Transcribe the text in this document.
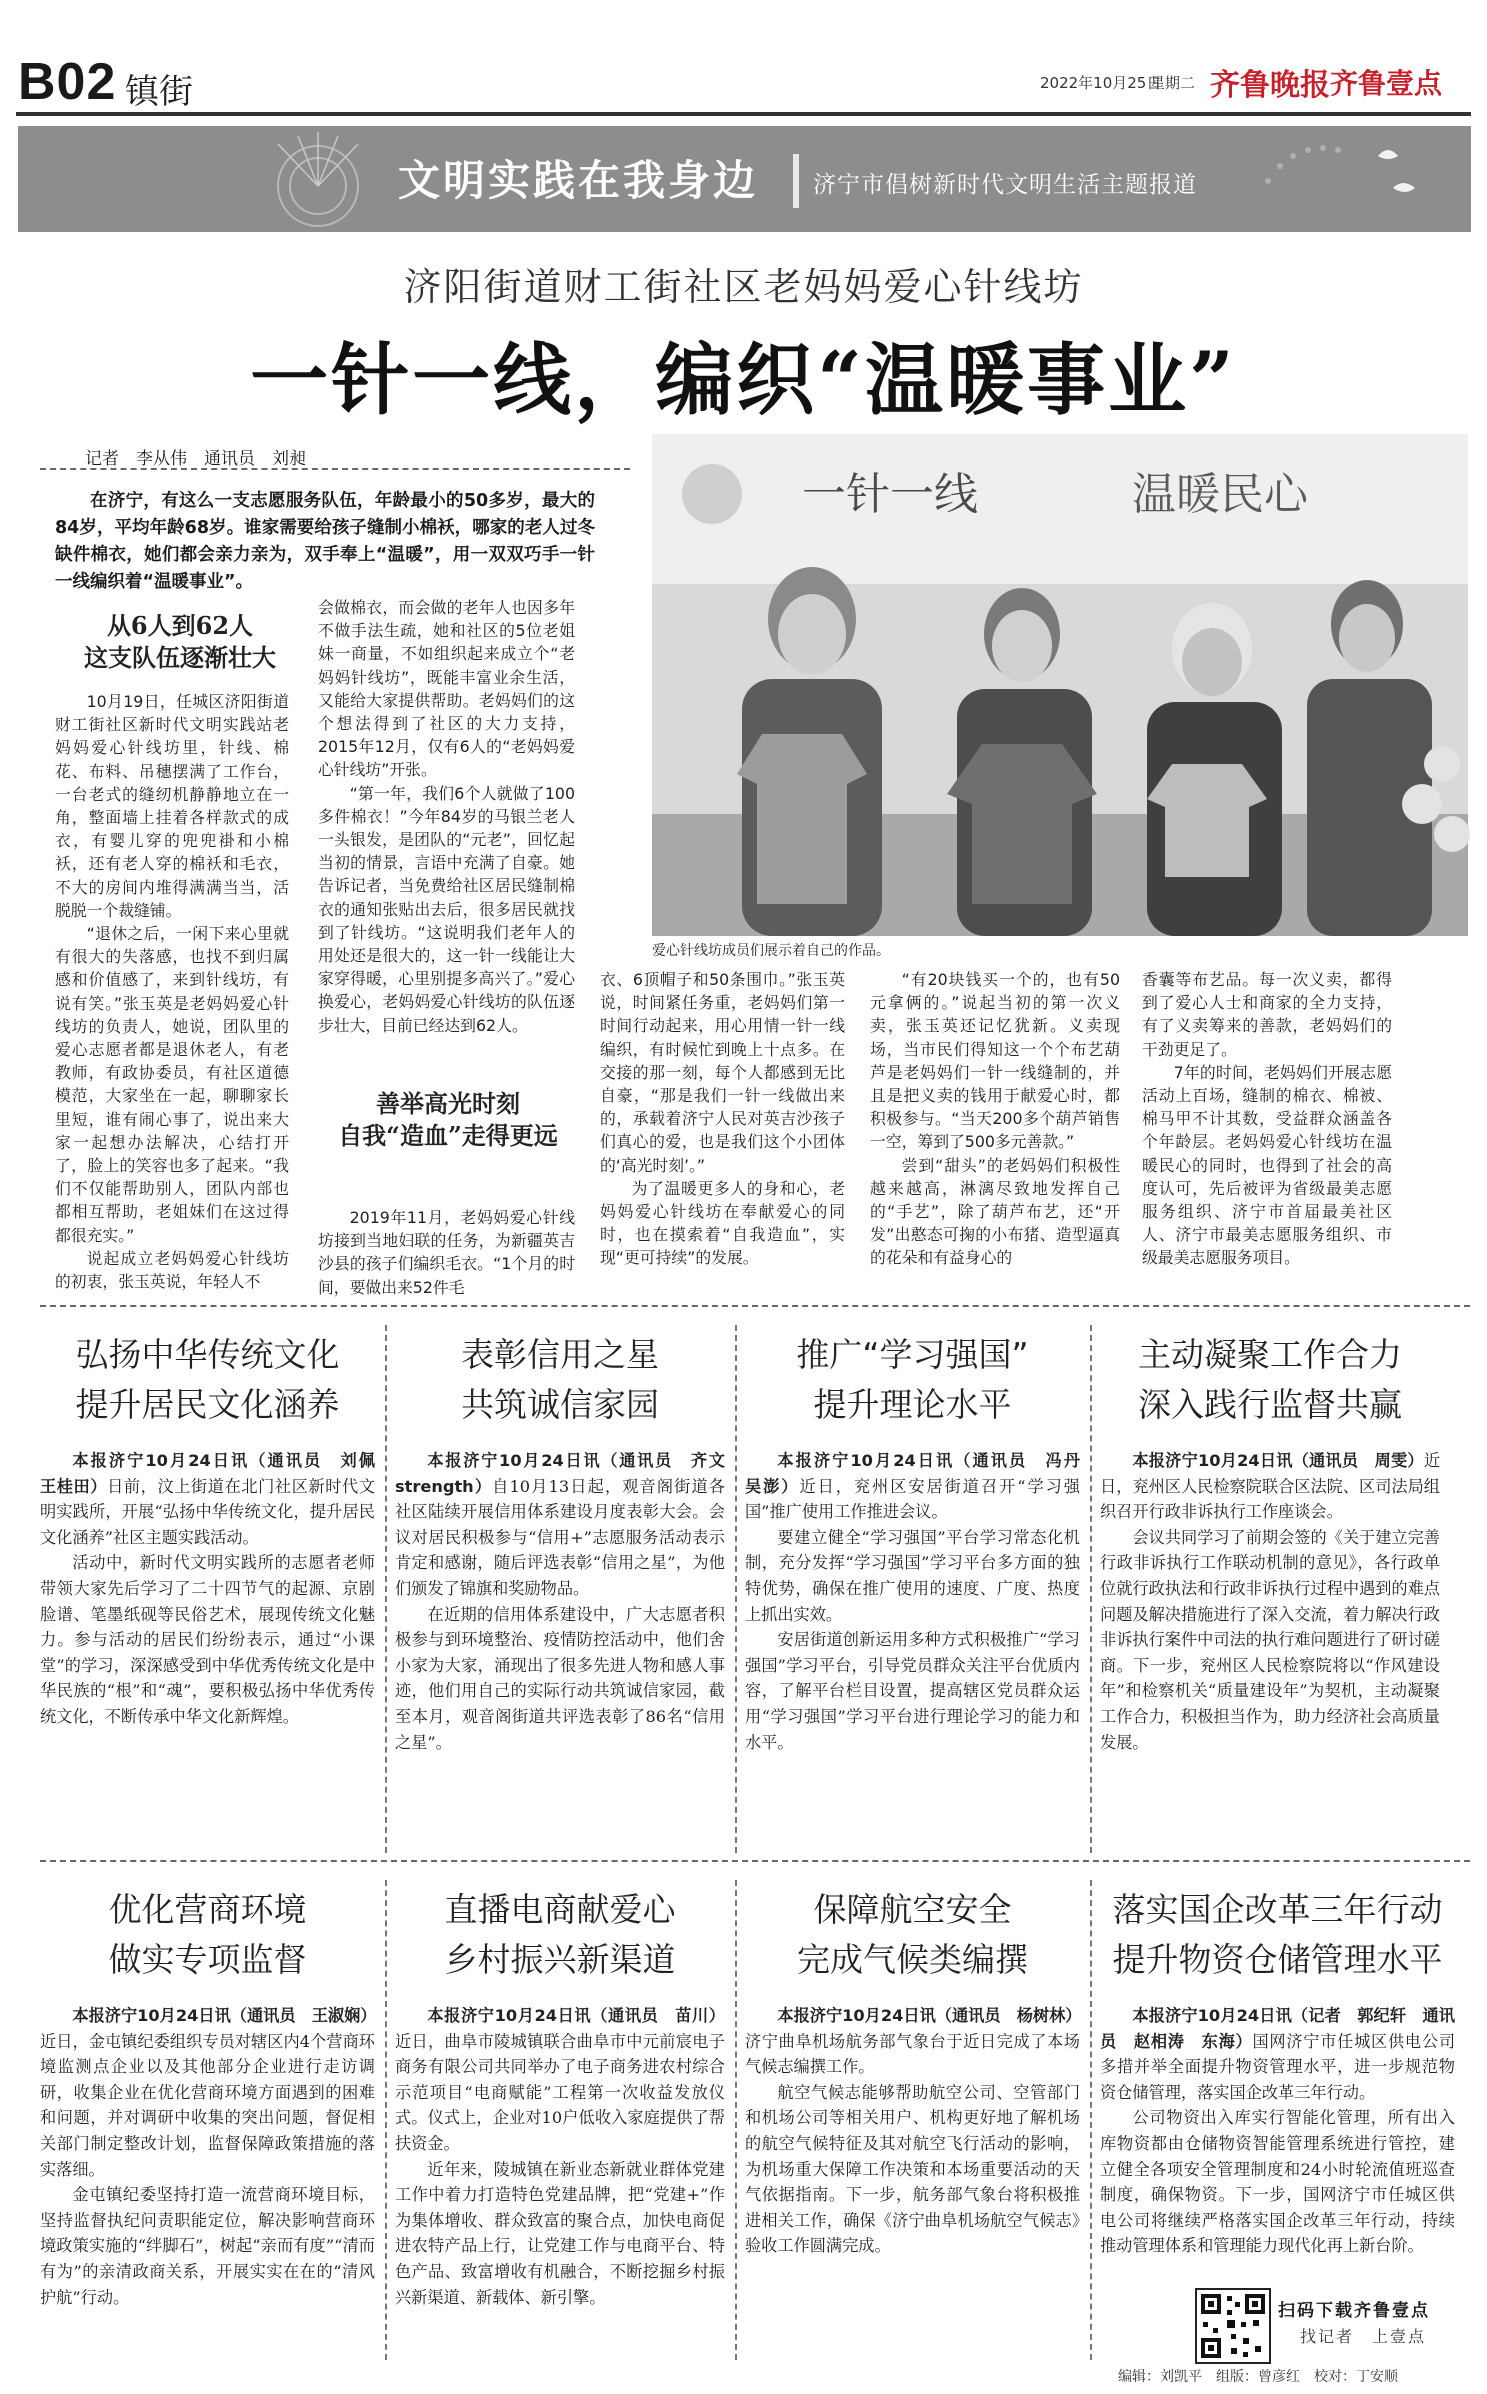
B02 镇街	2022年10月25日
星期二 齐鲁晚报 齐鲁壹点
文明实践在我身边 济宁市倡树新时代文明生活主题报道
济阳街道财工街社区老妈妈爱心针线坊
一针一线，编织“温暖事业”
记者　李从伟　通讯员　刘昶
在济宁，有这么一支志愿服务队伍，年龄最小的50多岁，最大的84岁，平均年龄68岁。谁家需要给孩子缝制小棉袄，哪家的老人过冬缺件棉衣，她们都会亲力亲为，双手奉上“温暖”，用一双双巧手一针一线编织着“温暖事业”。
从6人到62人
这支队伍逐渐壮大

10月19日，任城区济阳街道财工街社区新时代文明实践站老妈妈爱心针线坊里，针线、棉花、布料、吊穗摆满了工作台，一台老式的缝纫机静静地立在一角，整面墙上挂着各样款式的成衣，有婴儿穿的兜兜褂和小棉袄，还有老人穿的棉袄和毛衣，不大的房间内堆得满满当当，活脱脱一个裁缝铺。

“退休之后，一闲下来心里就有很大的失落感，也找不到归属感和价值感了，来到针线坊，有说有笑。”张玉英是老妈妈爱心针线坊的负责人，她说，团队里的爱心志愿者都是退休老人，有老教师，有政协委员，有社区道德模范，大家坐在一起，聊聊家长里短，谁有闹心事了，说出来大家一起想办法解决，心结打开了，脸上的笑容也多了起来。“我们不仅能帮助别人，团队内部也都相互帮助，老姐妹们在这过得都很充实。”

说起成立老妈妈爱心针线坊的初衷，张玉英说，年轻人不

会做棉衣，而会做的老年人也因多年不做手法生疏，她和社区的5位老姐妹一商量，不如组织起来成立个“老妈妈针线坊”，既能丰富业余生活，又能给大家提供帮助。老妈妈们的这个想法得到了社区的大力支持，2015年12月，仅有6人的“老妈妈爱心针线坊”开张。

“第一年，我们6个人就做了100多件棉衣！”今年84岁的马银兰老人一头银发，是团队的“元老”，回忆起当初的情景，言语中充满了自豪。她告诉记者，当免费给社区居民缝制棉衣的通知张贴出去后，很多居民就找到了针线坊。“这说明我们老年人的用处还是很大的，这一针一线能让大家穿得暖，心里别提多高兴了。”爱心换爱心，老妈妈爱心针线坊的队伍逐步壮大，目前已经达到62人。

善举高光时刻
自我“造血”走得更远

2019年11月，老妈妈爱心针线坊接到当地妇联的任务，为新疆英吉沙县的孩子们编织毛衣。“1个月的时间，要做出来52件毛

一针一线	温暖民心
爱心针线坊成员们展示着自己的作品。

衣、6顶帽子和50条围巾。”张玉英说，时间紧任务重，老妈妈们第一时间行动起来，用心用情一针一线编织，有时候忙到晚上十点多。在交接的那一刻，每个人都感到无比自豪，“那是我们一针一线做出来的，承载着济宁人民对英吉沙孩子们真心的爱，也是我们这个小团体的‘高光时刻’。”

为了温暖更多人的身和心，老妈妈爱心针线坊在奉献爱心的同时，也在摸索着“自我造血”，实现“更可持续”的发展。

“有20块钱买一个的，也有50元拿俩的。”说起当初的第一次义卖，张玉英还记忆犹新。义卖现场，当市民们得知这一个个布艺葫芦是老妈妈们一针一线缝制的，并且是把义卖的钱用于献爱心时，都积极参与。“当天200多个葫芦销售一空，筹到了500多元善款。”

尝到“甜头”的老妈妈们积极性越来越高，淋漓尽致地发挥自己的“手艺”，除了葫芦布艺，还“开发”出憨态可掬的小布猪、造型逼真的花朵和有益身心的

香囊等布艺品。每一次义卖，都得到了爱心人士和商家的全力支持，有了义卖筹来的善款，老妈妈们的干劲更足了。

7年的时间，老妈妈们开展志愿活动上百场，缝制的棉衣、棉被、棉马甲不计其数，受益群众涵盖各个年龄层。老妈妈爱心针线坊在温暖民心的同时，也得到了社会的高度认可，先后被评为省级最美志愿服务组织、济宁市首届最美社区人、济宁市最美志愿服务组织、市级最美志愿服务项目。

弘扬中华传统文化
提升居民文化涵养

本报济宁10月24日讯（通讯员　刘佩　王桂田）日前，汶上街道在北门社区新时代文明实践所，开展“弘扬中华传统文化，提升居民文化涵养”社区主题实践活动。

活动中，新时代文明实践所的志愿者老师带领大家先后学习了二十四节气的起源、京剧脸谱、笔墨纸砚等民俗艺术，展现传统文化魅力。参与活动的居民们纷纷表示，通过“小课堂”的学习，深深感受到中华优秀传统文化是中华民族的“根”和“魂”，要积极弘扬中华优秀传统文化，不断传承中华文化新辉煌。

表彰信用之星
共筑诚信家园

本报济宁10月24日讯（通讯员　齐文strength）自10月13日起，观音阁街道各社区陆续开展信用体系建设月度表彰大会。会议对居民积极参与“信用+”志愿服务活动表示肯定和感谢，随后评选表彰“信用之星”，为他们颁发了锦旗和奖励物品。

在近期的信用体系建设中，广大志愿者积极参与到环境整治、疫情防控活动中，他们舍小家为大家，涌现出了很多先进人物和感人事迹，他们用自己的实际行动共筑诚信家园，截至本月，观音阁街道共评选表彰了86名“信用之星”。

推广“学习强国”
提升理论水平

本报济宁10月24日讯（通讯员　冯丹　吴澎）近日，兖州区安居街道召开“学习强国”推广使用工作推进会议。

要建立健全“学习强国”平台学习常态化机制，充分发挥“学习强国”学习平台多方面的独特优势，确保在推广使用的速度、广度、热度上抓出实效。

安居街道创新运用多种方式积极推广“学习强国”学习平台，引导党员群众关注平台优质内容，了解平台栏目设置，提高辖区党员群众运用“学习强国”学习平台进行理论学习的能力和水平。

主动凝聚工作合力
深入践行监督共赢

本报济宁10月24日讯（通讯员　周雯）近日，兖州区人民检察院联合区法院、区司法局组织召开行政非诉执行工作座谈会。

会议共同学习了前期会签的《关于建立完善行政非诉执行工作联动机制的意见》，各行政单位就行政执法和行政非诉执行过程中遇到的难点问题及解决措施进行了深入交流，着力解决行政非诉执行案件中司法的执行难问题进行了研讨磋商。下一步，兖州区人民检察院将以“作风建设年”和检察机关“质量建设年”为契机，主动凝聚工作合力，积极担当作为，助力经济社会高质量发展。

优化营商环境
做实专项监督

本报济宁10月24日讯（通讯员　王淑娴）近日，金屯镇纪委组织专员对辖区内4个营商环境监测点企业以及其他部分企业进行走访调研，收集企业在优化营商环境方面遇到的困难和问题，并对调研中收集的突出问题，督促相关部门制定整改计划，监督保障政策措施的落实落细。

金屯镇纪委坚持打造一流营商环境目标，坚持监督执纪问责职能定位，解决影响营商环境政策实施的“绊脚石”，树起“亲而有度”“清而有为”的亲清政商关系，开展实实在在的“清风护航”行动。

直播电商献爱心
乡村振兴新渠道

本报济宁10月24日讯（通讯员　苗川）近日，曲阜市陵城镇联合曲阜市中元前宸电子商务有限公司共同举办了电子商务进农村综合示范项目“电商赋能”工程第一次收益发放仪式。仪式上，企业对10户低收入家庭提供了帮扶资金。

近年来，陵城镇在新业态新就业群体党建工作中着力打造特色党建品牌，把“党建+”作为集体增收、群众致富的聚合点，加快电商促进农特产品上行，让党建工作与电商平台、特色产品、致富增收有机融合，不断挖掘乡村振兴新渠道、新载体、新引擎。

保障航空安全
完成气候类编撰

本报济宁10月24日讯（通讯员　杨树林）济宁曲阜机场航务部气象台于近日完成了本场气候志编撰工作。

航空气候志能够帮助航空公司、空管部门和机场公司等相关用户、机构更好地了解机场的航空气候特征及其对航空飞行活动的影响，为机场重大保障工作决策和本场重要活动的天气依据指南。下一步，航务部气象台将积极推进相关工作，确保《济宁曲阜机场航空气候志》验收工作圆满完成。

落实国企改革三年行动
提升物资仓储管理水平

本报济宁10月24日讯（记者　郭纪轩　通讯员　赵相涛　东海）国网济宁市任城区供电公司多措并举全面提升物资管理水平，进一步规范物资仓储管理，落实国企改革三年行动。

公司物资出入库实行智能化管理，所有出入库物资都由仓储物资智能管理系统进行管控，建立健全各项安全管理制度和24小时轮流值班巡查制度，确保物资。下一步，国网济宁市任城区供电公司将继续严格落实国企改革三年行动，持续推动管理体系和管理能力现代化再上新台阶。

扫码下载齐鲁壹点
找记者　上壹点
编辑：刘凯平　组版：曾彦红　校对：丁安顺
